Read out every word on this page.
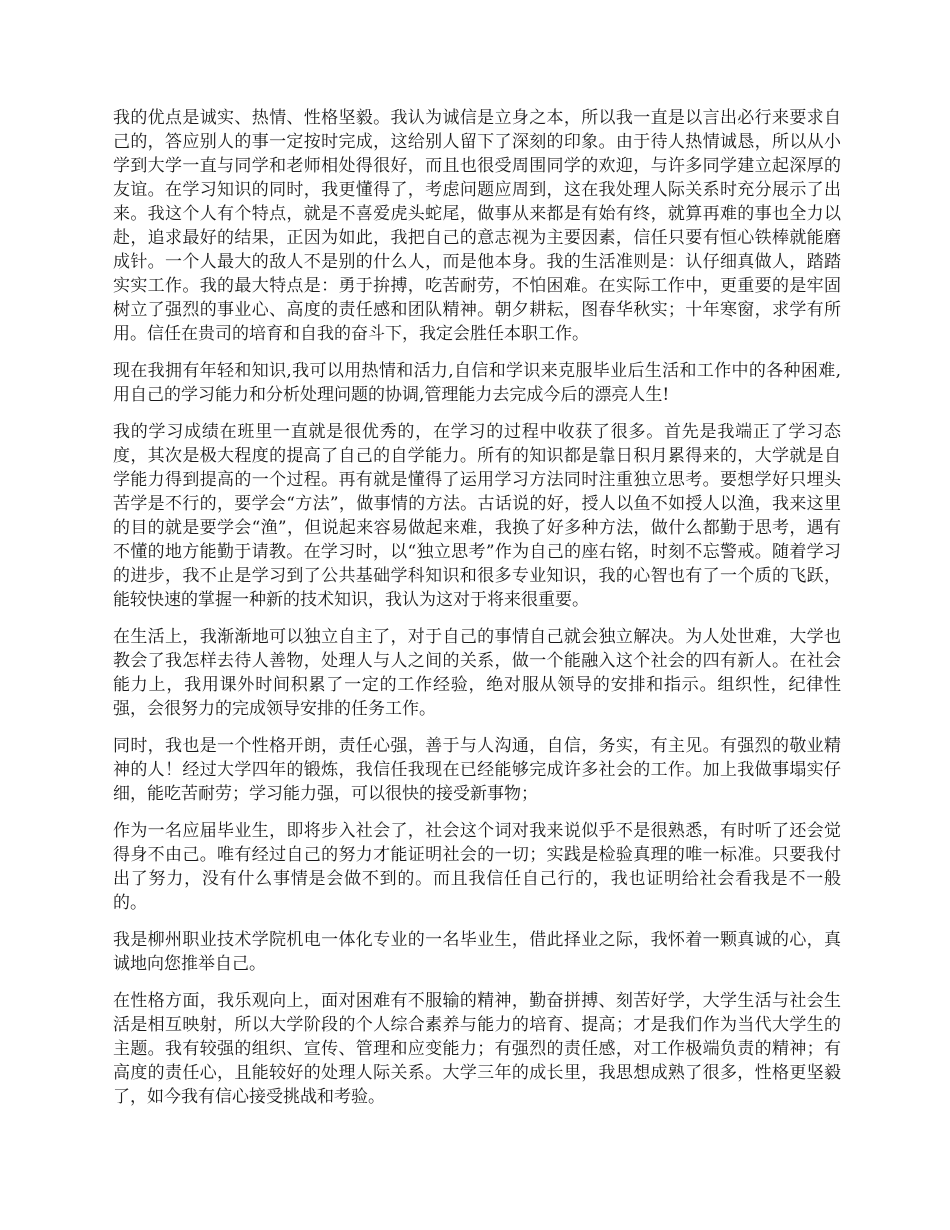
我的优点是诚实、热情、性格坚毅。我认为诚信是立身之本，所以我一直是以言出必行来要求自己的，答应别人的事一定按时完成，这给别人留下了深刻的印象。由于待人热情诚恳，所以从小学到大学一直与同学和老师相处得很好，而且也很受周围同学的欢迎，与许多同学建立起深厚的友谊。在学习知识的同时，我更懂得了，考虑问题应周到，这在我处理人际关系时充分展示了出来。我这个人有个特点，就是不喜爱虎头蛇尾，做事从来都是有始有终，就算再难的事也全力以赴，追求最好的结果，正因为如此，我把自己的意志视为主要因素，信任只要有恒心铁棒就能磨成针。一个人最大的敌人不是别的什么人，而是他本身。我的生活准则是：认仔细真做人，踏踏实实工作。我的最大特点是：勇于拚搏，吃苦耐劳，不怕困难。在实际工作中，更重要的是牢固树立了强烈的事业心、高度的责任感和团队精神。朝夕耕耘，图春华秋实；十年寒窗，求学有所用。信任在贵司的培育和自我的奋斗下，我定会胜任本职工作。

现在我拥有年轻和知识,我可以用热情和活力,自信和学识来克服毕业后生活和工作中的各种困难,用自己的学习能力和分析处理问题的协调,管理能力去完成今后的漂亮人生!

我的学习成绩在班里一直就是很优秀的，在学习的过程中收获了很多。首先是我端正了学习态度，其次是极大程度的提高了自己的自学能力。所有的知识都是靠日积月累得来的，大学就是自学能力得到提高的一个过程。再有就是懂得了运用学习方法同时注重独立思考。要想学好只埋头苦学是不行的，要学会“方法”，做事情的方法。古话说的好，授人以鱼不如授人以渔，我来这里的目的就是要学会“渔”，但说起来容易做起来难，我换了好多种方法，做什么都勤于思考，遇有不懂的地方能勤于请教。在学习时，以“独立思考”作为自己的座右铭，时刻不忘警戒。随着学习的进步，我不止是学习到了公共基础学科知识和很多专业知识，我的心智也有了一个质的飞跃，能较快速的掌握一种新的技术知识，我认为这对于将来很重要。

在生活上，我渐渐地可以独立自主了，对于自己的事情自己就会独立解决。为人处世难，大学也教会了我怎样去待人善物，处理人与人之间的关系，做一个能融入这个社会的四有新人。在社会能力上，我用课外时间积累了一定的工作经验，绝对服从领导的安排和指示。组织性，纪律性强，会很努力的完成领导安排的任务工作。

同时，我也是一个性格开朗，责任心强，善于与人沟通，自信，务实，有主见。有强烈的敬业精神的人！经过大学四年的锻炼，我信任我现在已经能够完成许多社会的工作。加上我做事塌实仔细，能吃苦耐劳；学习能力强，可以很快的接受新事物；

作为一名应届毕业生，即将步入社会了，社会这个词对我来说似乎不是很熟悉，有时听了还会觉得身不由己。唯有经过自己的努力才能证明社会的一切；实践是检验真理的唯一标准。只要我付出了努力，没有什么事情是会做不到的。而且我信任自己行的，我也证明给社会看我是不一般的。

我是柳州职业技术学院机电一体化专业的一名毕业生，借此择业之际，我怀着一颗真诚的心，真诚地向您推举自己。

在性格方面，我乐观向上，面对困难有不服输的精神，勤奋拼搏、刻苦好学，大学生活与社会生活是相互映射，所以大学阶段的个人综合素养与能力的培育、提高；才是我们作为当代大学生的主题。我有较强的组织、宣传、管理和应变能力；有强烈的责任感，对工作极端负责的精神；有高度的责任心，且能较好的处理人际关系。大学三年的成长里，我思想成熟了很多，性格更坚毅了，如今我有信心接受挑战和考验。
